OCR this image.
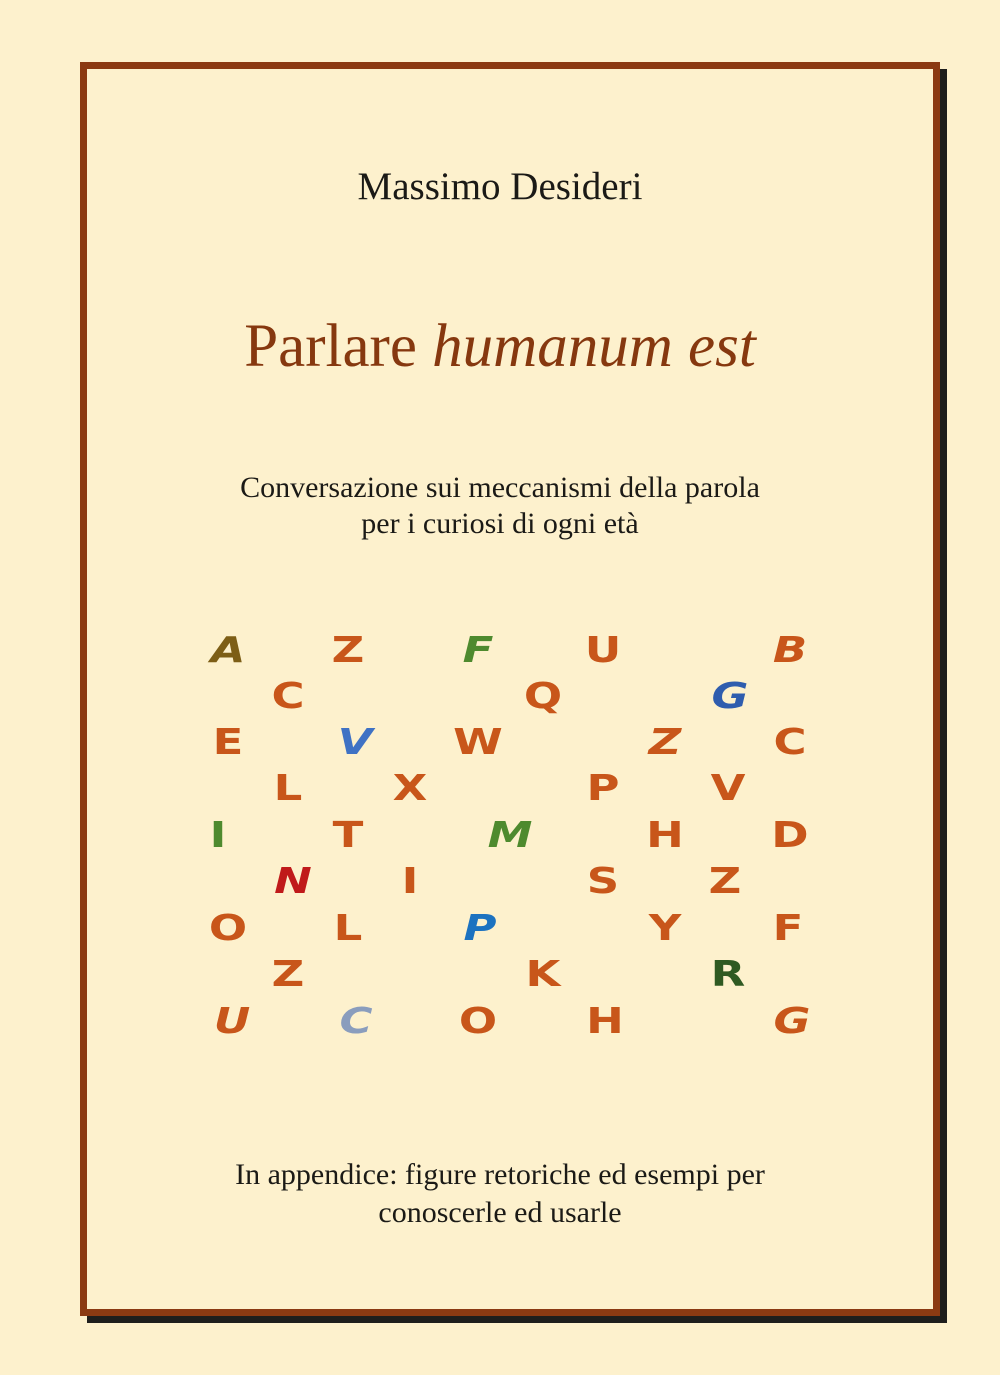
Massimo Desideri
Parlare humanum est
Conversazione sui meccanismi della parola
per i curiosi di ogni età
A	Z	F	U	B
C	Q	G
E	V	W	Z	C
L	X	P	V
I	T	M	H	D
N	I	S	Z
O	L	P	Y	F
Z	K	R
U	C	O	H	G
In appendice: figure retoriche ed esempi per
conoscerle ed usarle
